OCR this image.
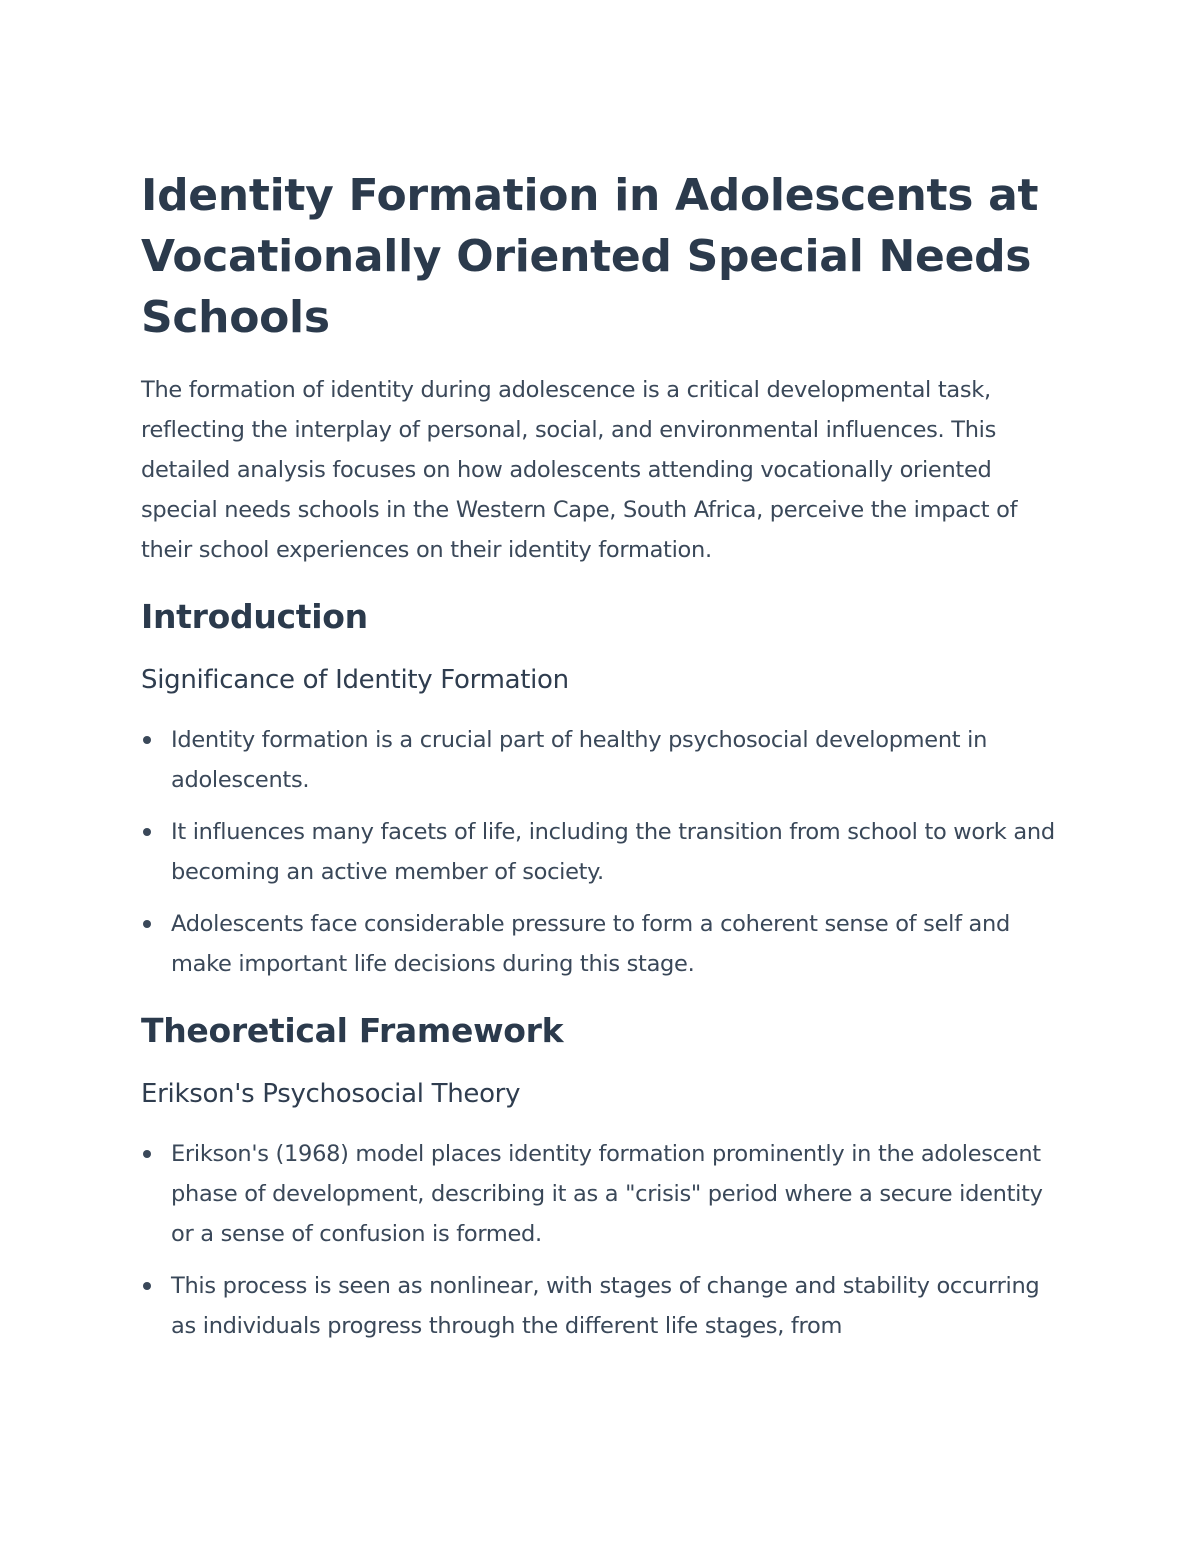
Identity Formation in Adolescents at Vocationally Oriented Special Needs Schools

The formation of identity during adolescence is a critical developmental task, reflecting the interplay of personal, social, and environmental influences. This detailed analysis focuses on how adolescents attending vocationally oriented special needs schools in the Western Cape, South Africa, perceive the impact of their school experiences on their identity formation.

Introduction
Significance of Identity Formation
Identity formation is a crucial part of healthy psychosocial development in adolescents.
It influences many facets of life, including the transition from school to work and becoming an active member of society.
Adolescents face considerable pressure to form a coherent sense of self and make important life decisions during this stage.
Theoretical Framework
Erikson's Psychosocial Theory
Erikson's (1968) model places identity formation prominently in the adolescent phase of development, describing it as a "crisis" period where a secure identity or a sense of confusion is formed.
This process is seen as nonlinear, with stages of change and stability occurring as individuals progress through the different life stages, from
